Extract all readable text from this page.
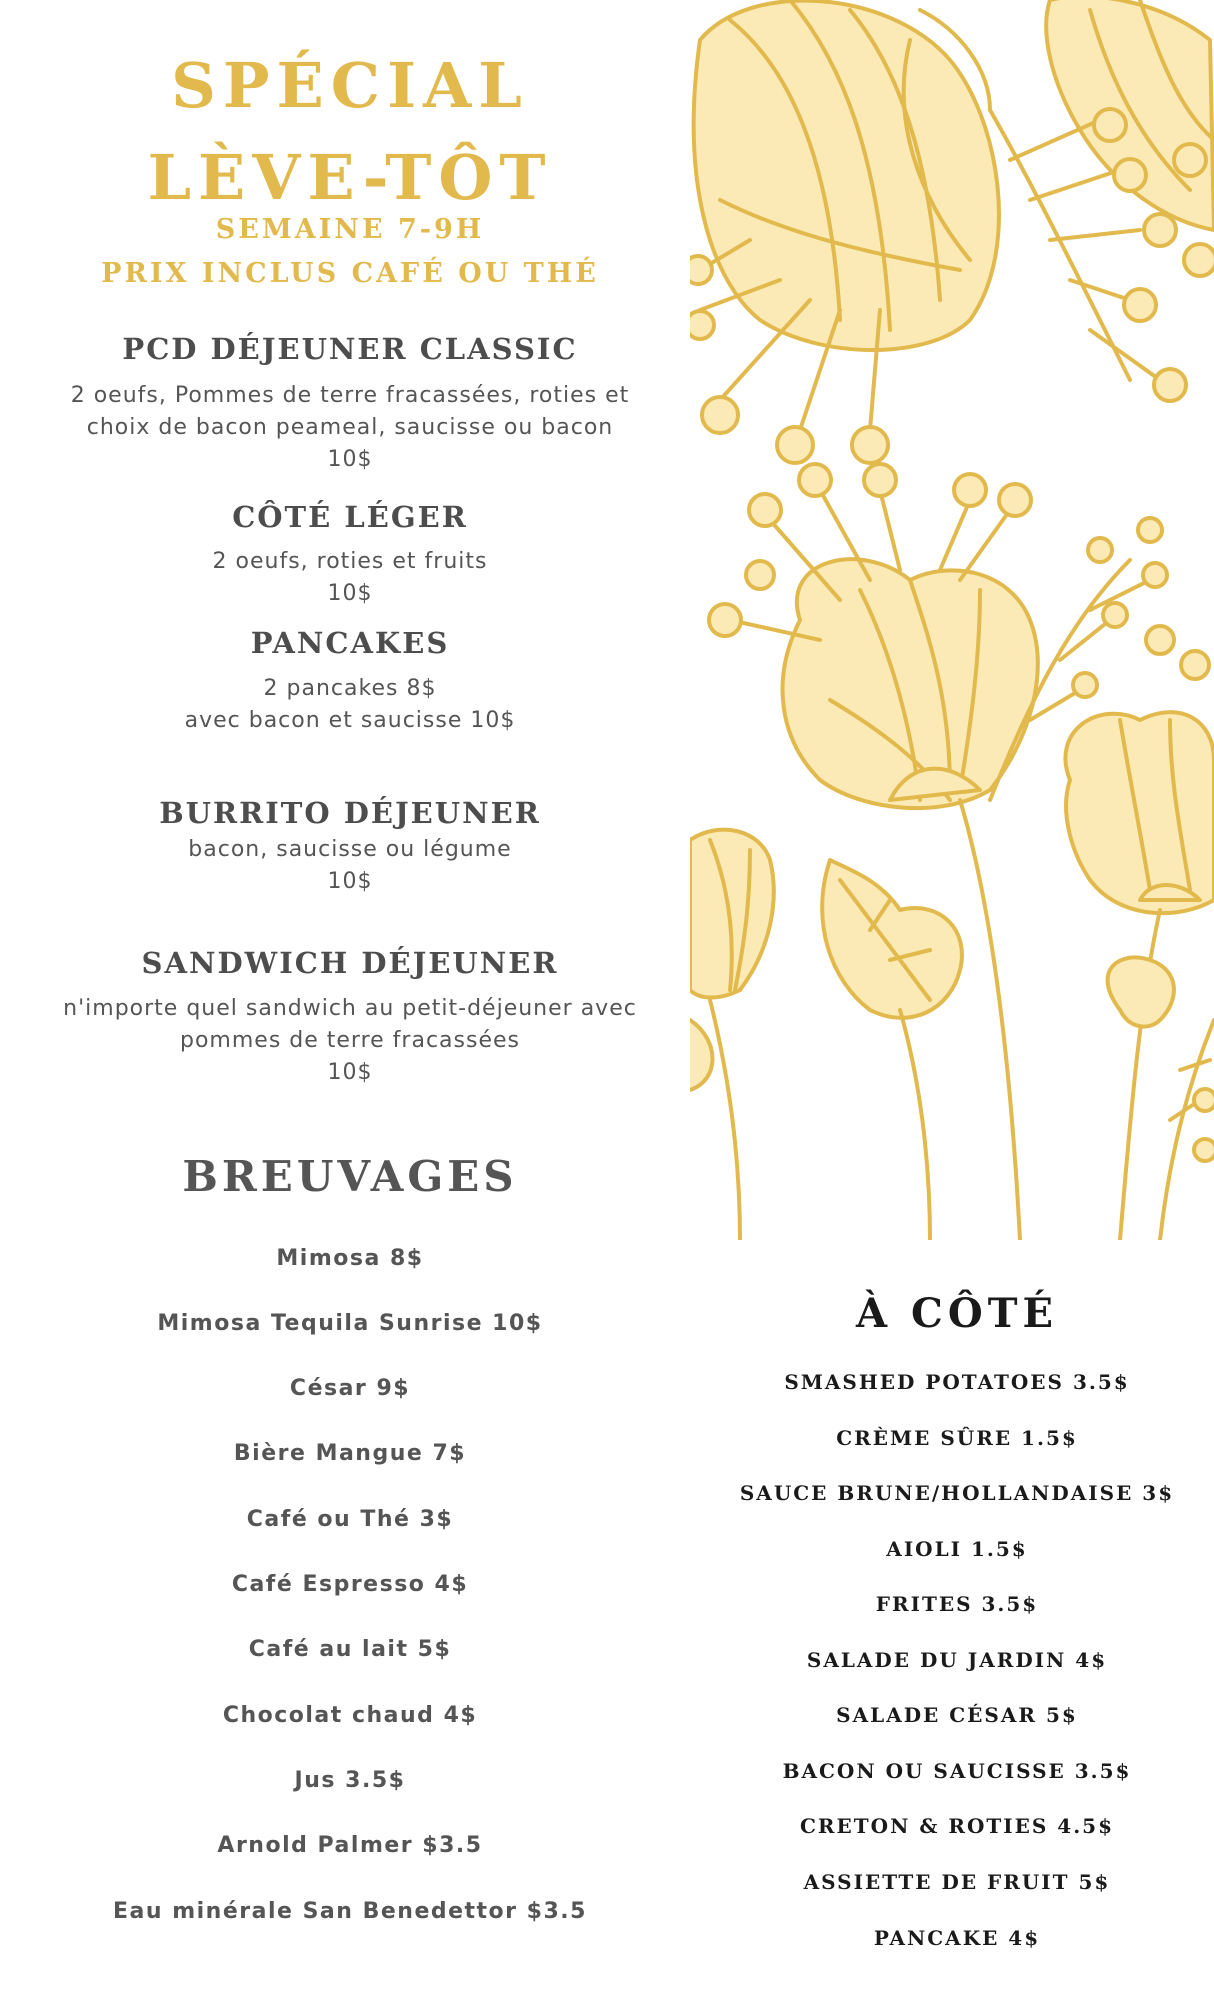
SPÉCIAL
LÈVE-TÔT
SEMAINE 7-9H
PRIX INCLUS CAFÉ OU THÉ
PCD DÉJEUNER CLASSIC
2 oeufs, Pommes de terre fracassées, roties et
choix de bacon peameal, saucisse ou bacon
10$
CÔTÉ LÉGER
2 oeufs, roties et fruits
10$
PANCAKES
2 pancakes 8$
avec bacon et saucisse 10$
BURRITO DÉJEUNER
bacon, saucisse ou légume
10$
SANDWICH DÉJEUNER
n'importe quel sandwich au petit-déjeuner avec
pommes de terre fracassées
10$
BREUVAGES
Mimosa 8$
Mimosa Tequila Sunrise 10$
César 9$
Bière Mangue 7$
Café ou Thé 3$
Café Espresso 4$
Café au lait 5$
Chocolat chaud 4$
Jus 3.5$
Arnold Palmer $3.5
Eau minérale San Benedettor $3.5
À CÔTÉ
SMASHED POTATOES 3.5$
CRÈME SÛRE 1.5$
SAUCE BRUNE/HOLLANDAISE 3$
AIOLI 1.5$
FRITES 3.5$
SALADE DU JARDIN 4$
SALADE CÉSAR 5$
BACON OU SAUCISSE 3.5$
CRETON & ROTIES 4.5$
ASSIETTE DE FRUIT 5$
PANCAKE 4$
